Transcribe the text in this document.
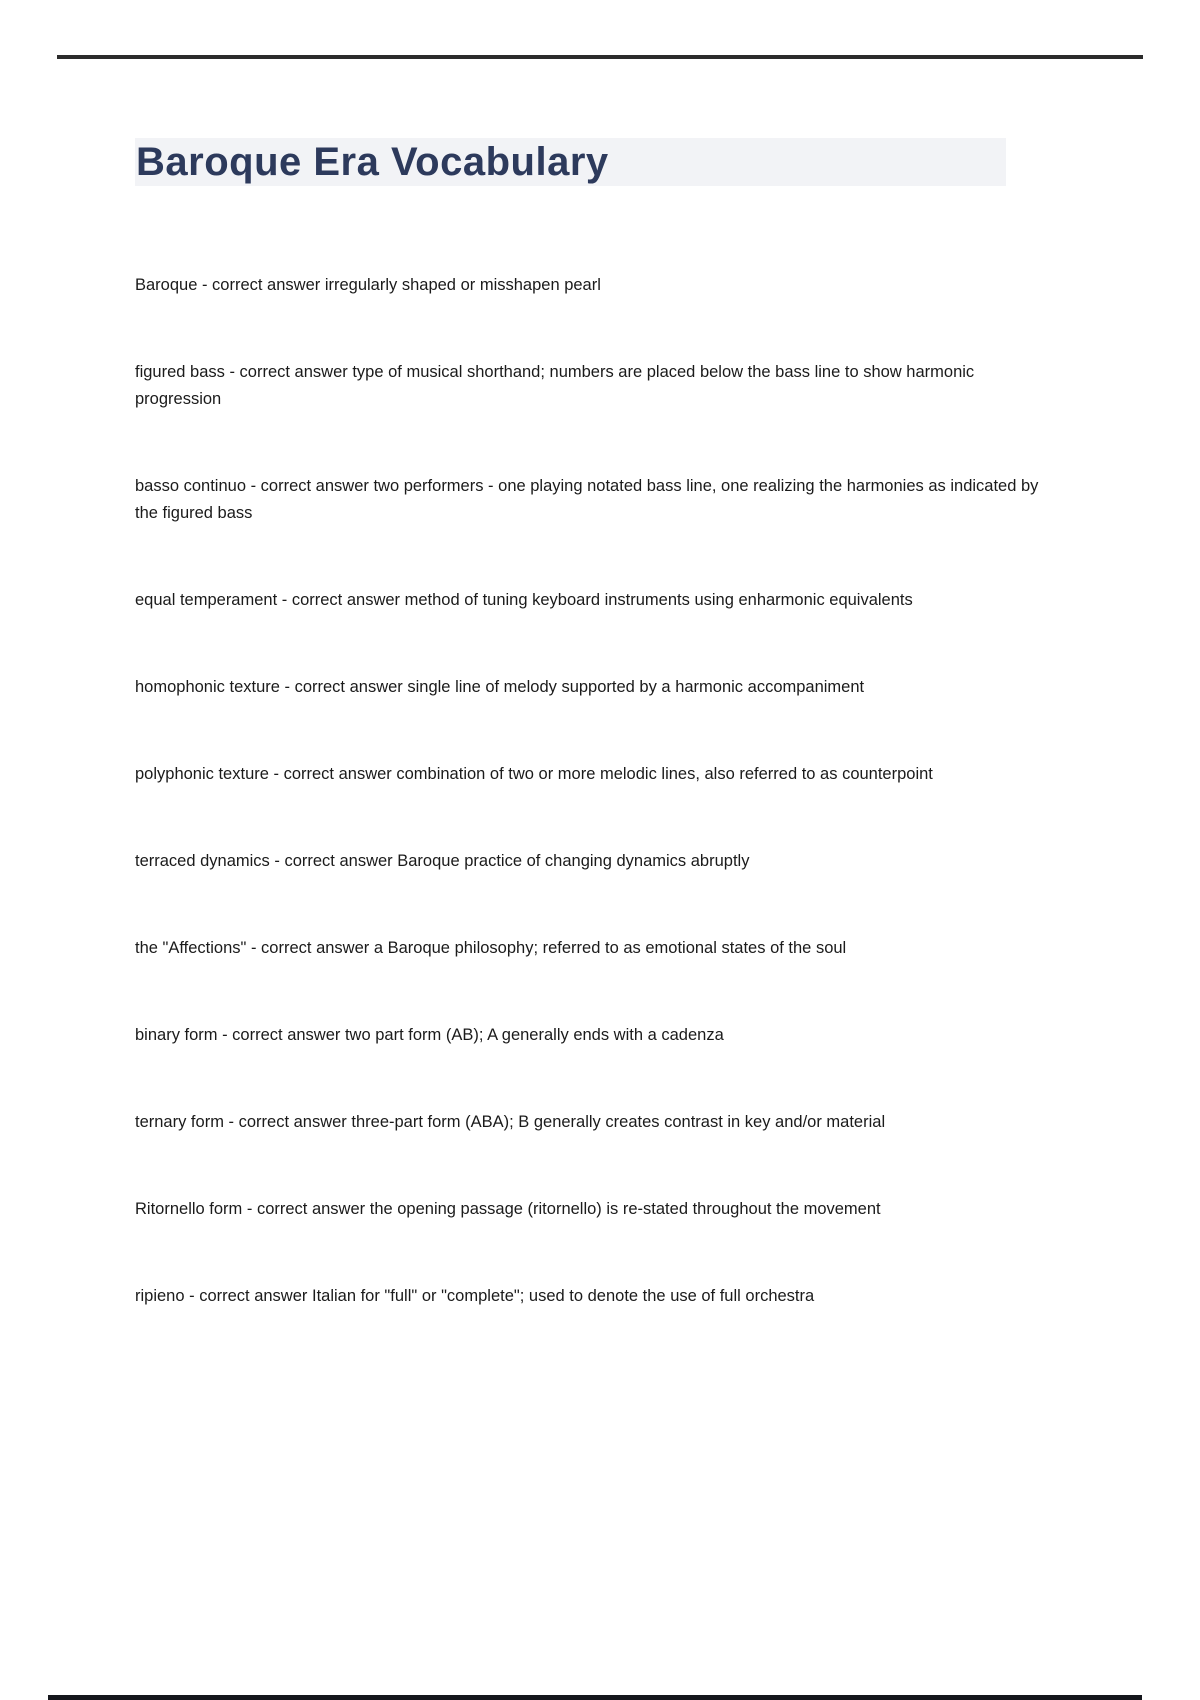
Baroque Era Vocabulary

Baroque - correct answer irregularly shaped or misshapen pearl

figured bass - correct answer type of musical shorthand; numbers are placed below the bass line to show harmonic progression

basso continuo - correct answer two performers - one playing notated bass line, one realizing the harmonies as indicated by the figured bass

equal temperament - correct answer method of tuning keyboard instruments using enharmonic equivalents

homophonic texture - correct answer single line of melody supported by a harmonic accompaniment

polyphonic texture - correct answer combination of two or more melodic lines, also referred to as counterpoint

terraced dynamics - correct answer Baroque practice of changing dynamics abruptly

the "Affections" - correct answer a Baroque philosophy; referred to as emotional states of the soul

binary form - correct answer two part form (AB); A generally ends with a cadenza

ternary form - correct answer three-part form (ABA); B generally creates contrast in key and/or material

Ritornello form - correct answer the opening passage (ritornello) is re-stated throughout the movement

ripieno - correct answer Italian for "full" or "complete"; used to denote the use of full orchestra
